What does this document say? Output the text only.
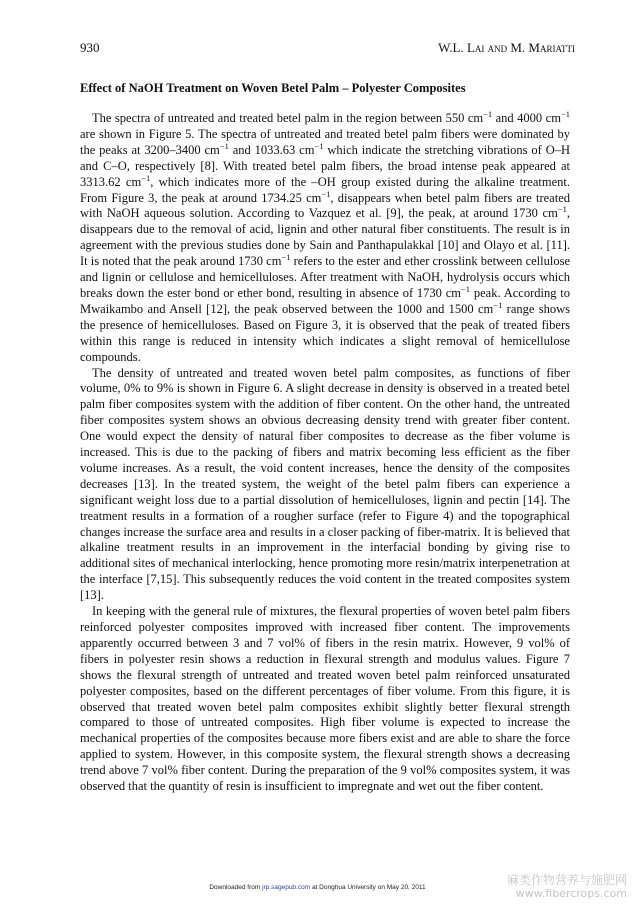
930	W.L. Lai and M. Mariatti
Effect of NaOH Treatment on Woven Betel Palm – Polyester Composites

The spectra of untreated and treated betel palm in the region between 550 $cm^{-1}$ and 4000 $cm^{-1}$ are shown in Figure 5. The spectra of untreated and treated betel palm fibers were dominated by the peaks at 3200–3400 $cm^{-1}$ and 1033.63 $cm^{-1}$ which indicate the stretching vibrations of O–H and C–O, respectively [8]. With treated betel palm fibers, the broad intense peak appeared at 3313.62 $cm^{-1}$, which indicates more of the –OH group existed during the alkaline treatment. From Figure 3, the peak at around 1734.25 $cm^{-1}$, disappears when betel palm fibers are treated with NaOH aqueous solution. According to Vazquez et al. [9], the peak, at around 1730 $cm^{-1}$, disappears due to the removal of acid, lignin and other natural fiber constituents. The result is in agreement with the previous studies done by Sain and Panthapulakkal [10] and Olayo et al. [11]. It is noted that the peak around 1730 $cm^{-1}$ refers to the ester and ether crosslink between cellulose and lignin or cellulose and hemicelluloses. After treatment with NaOH, hydrolysis occurs which breaks down the ester bond or ether bond, resulting in absence of 1730 $cm^{-1}$ peak. According to Mwaikambo and Ansell [12], the peak observed between the 1000 and 1500 $cm^{-1}$ range shows the presence of hemicelluloses. Based on Figure 3, it is observed that the peak of treated fibers within this range is reduced in intensity which indicates a slight removal of hemicellulose compounds.

The density of untreated and treated woven betel palm composites, as functions of fiber volume, 0% to 9% is shown in Figure 6. A slight decrease in density is observed in a treated betel palm fiber composites system with the addition of fiber content. On the other hand, the untreated fiber composites system shows an obvious decreasing density trend with greater fiber content. One would expect the density of natural fiber composites to decrease as the fiber volume is increased. This is due to the packing of fibers and matrix becoming less efficient as the fiber volume increases. As a result, the void content increases, hence the density of the composites decreases [13]. In the treated system, the weight of the betel palm fibers can experience a significant weight loss due to a partial dissolution of hemicelluloses, lignin and pectin [14]. The treatment results in a formation of a rougher surface (refer to Figure 4) and the topographical changes increase the surface area and results in a closer packing of fiber-matrix. It is believed that alkaline treatment results in an improvement in the interfacial bonding by giving rise to additional sites of mechanical interlocking, hence promoting more resin/matrix interpenetration at the interface [7,15]. This subsequently reduces the void content in the treated composites system [13].

In keeping with the general rule of mixtures, the flexural properties of woven betel palm fibers reinforced polyester composites improved with increased fiber content. The improvements apparently occurred between 3 and 7 vol% of fibers in the resin matrix. However, 9 vol% of fibers in polyester resin shows a reduction in flexural strength and modulus values. Figure 7 shows the flexural strength of untreated and treated woven betel palm reinforced unsaturated polyester composites, based on the different percentages of fiber volume. From this figure, it is observed that treated woven betel palm composites exhibit slightly better flexural strength compared to those of untreated composites. High fiber volume is expected to increase the mechanical properties of the composites because more fibers exist and are able to share the force applied to system. However, in this composite system, the flexural strength shows a decreasing trend above 7 vol% fiber content. During the preparation of the 9 vol% composites system, it was observed that the quantity of resin is insufficient to impregnate and wet out the fiber content.

Downloaded from jrp.sagepub.com at Donghua University on May 20, 2011
麻类作物营养与施肥网
www.fibercrops.com
